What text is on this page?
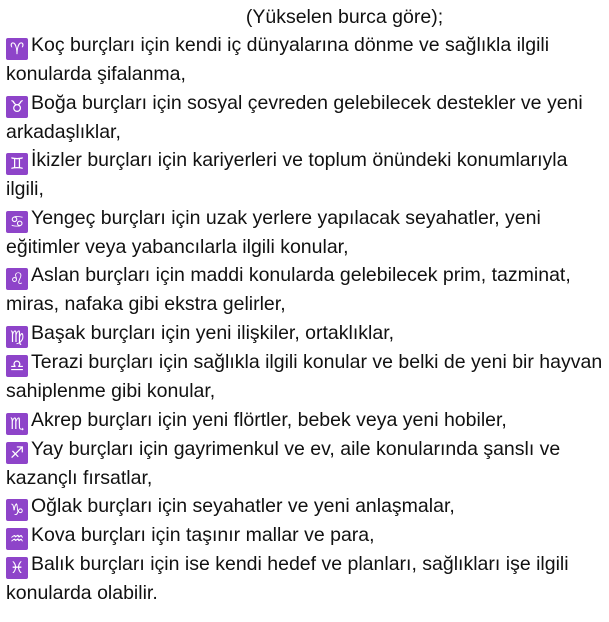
(Yükselen burca göre);

♈ Koç burçları için kendi iç dünyalarına dönme ve sağlıkla ilgili konularda şifalanma,

♉ Boğa burçları için sosyal çevreden gelebilecek destekler ve yeni arkadaşlıklar,

♊ İkizler burçları için kariyerleri ve toplum önündeki konumlarıyla ilgili,

♋ Yengeç burçları için uzak yerlere yapılacak seyahatler, yeni eğitimler veya yabancılarla ilgili konular,

♌ Aslan burçları için maddi konularda gelebilecek prim, tazminat, miras, nafaka gibi ekstra gelirler,

♍ Başak burçları için yeni ilişkiler, ortaklıklar,

♎ Terazi burçları için sağlıkla ilgili konular ve belki de yeni bir hayvan sahiplenme gibi konular,

♏ Akrep burçları için yeni flörtler, bebek veya yeni hobiler,

♐ Yay burçları için gayrimenkul ve ev, aile konularında şanslı ve kazançlı fırsatlar,

♑ Oğlak burçları için seyahatler ve yeni anlaşmalar,

♒ Kova burçları için taşınır mallar ve para,

♓ Balık burçları için ise kendi hedef ve planları, sağlıkları işe ilgili konularda olabilir.
